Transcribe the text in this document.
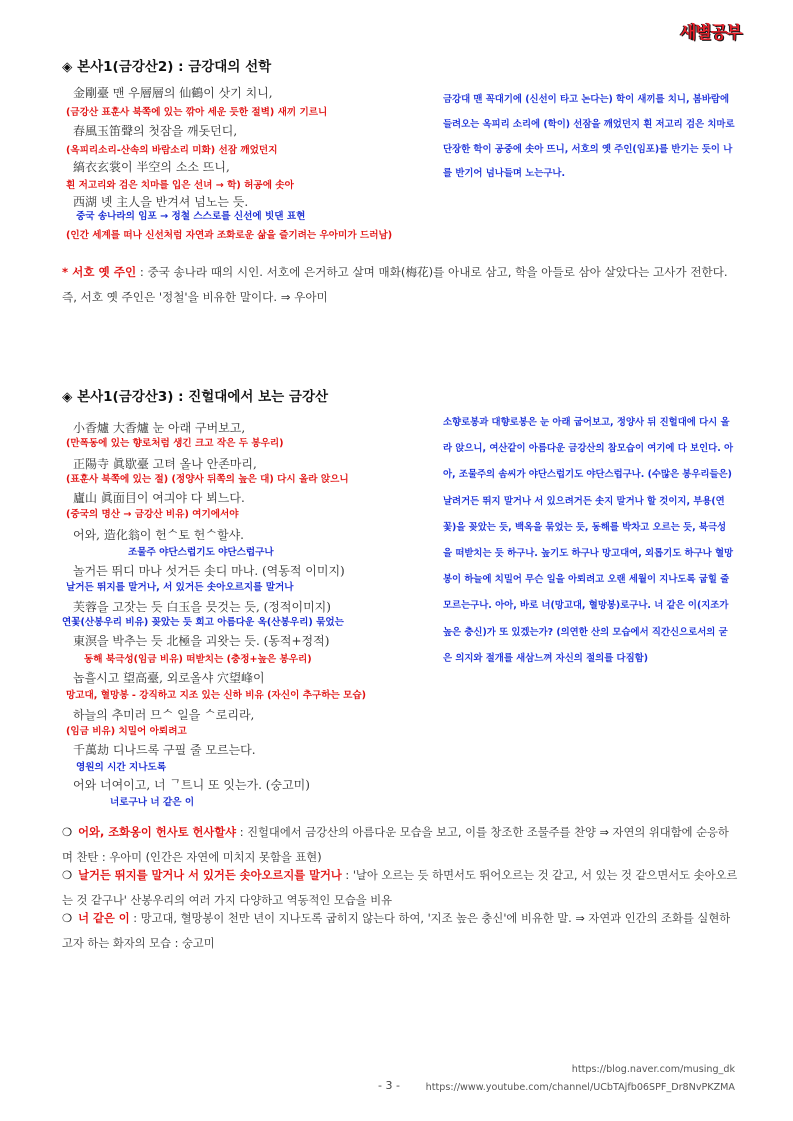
새별공부
◈ 본사1(금강산2) : 금강대의 선학
金剛臺 맨 우層層의 仙鶴이 삿기 치니,
(금강산 표훈사 북쪽에 있는 깎아 세운 듯한 절벽) 새끼 기르니
春風玉笛聲의 첫잠을 깨돗던디,
(옥피리소리-산속의 바람소리 미화) 선잠 깨었던지
縞衣玄裳이 半空의 소소 뜨니,
흰 저고리와 검은 치마를 입은 선녀 → 학) 허공에 솟아
西湖 녯 主人을 반겨셔 넘노는 듯.
중국 송나라의 임포 → 정철 스스로를 신선에 빗댄 표현
(인간 세계를 떠나 신선처럼 자연과 조화로운 삶을 즐기려는 우아미가 드러남)
금강대 맨 꼭대기에 (신선이 타고 논다는) 학이 새끼를 치니, 봄바람에 들려오는 옥피리 소리에 (학이) 선잠을 깨었던지 흰 저고리 검은 치마로 단장한 학이 공중에 솟아 뜨니, 서호의 옛 주인(임포)를 반기는 듯이 나를 반기어 넘나들며 노는구나.
* 서호 옛 주인 : 중국 송나라 때의 시인. 서호에 은거하고 살며 매화(梅花)를 아내로 삼고, 학을 아들로 삼아 살았다는 고사가 전한다. 즉, 서호 옛 주인은 '정철'을 비유한 말이다. ⇒ 우아미
◈ 본사1(금강산3) : 진헐대에서 보는 금강산
小香爐 大香爐 눈 아래 구버보고,
(만폭동에 있는 향로처럼 생긴 크고 작은 두 봉우리)
正陽寺 眞歇臺 고텨 올나 안존마리,
(표훈사 북쪽에 있는 절) (정양사 뒤쪽의 높은 대) 다시 올라 앉으니
廬山 眞面目이 여긔야 다 뵈느다.
(중국의 명산 → 금강산 비유) 여기에서야
어와, 造化翁이 헌ᄉ토 헌ᄉ할샤.
조물주 야단스럽기도 야단스럽구나
놀거든 뛰디 마나 섯거든 솟디 마나. (역동적 이미지)
날거든 뛰지를 말거나, 서 있거든 솟아오르지를 말거나
芙蓉을 고잣는 듯 白玉을 믓것는 듯, (정적이미지)
연꽃(산봉우리 비유) 꽂았는 듯 희고 아름다운 옥(산봉우리) 묶었는
東溟을 박추는 듯 北極을 괴왓는 듯. (동적+정적)
동해 북극성(임금 비유) 떠받치는 (충정+높은 봉우리)
놉흘시고 望高臺, 외로올샤 穴望峰이
망고대, 혈망봉 - 강직하고 지조 있는 신하 비유 (자신이 추구하는 모습)
하늘의 추미러 므ᄉ 일을 ᄉ로리라,
(임금 비유) 치밀어 아뢰려고
千萬劫 디나드록 구필 줄 모르는다.
영원의 시간 지나도록
어와 너여이고, 너 ᄀ트니 또 잇는가. (숭고미)
너로구나 너 같은 이
소향로봉과 대향로봉은 눈 아래 굽어보고, 정양사 뒤 진헐대에 다시 올라 앉으니, 여산같이 아름다운 금강산의 참모습이 여기에 다 보인다. 아아, 조물주의 솜씨가 야단스럽기도 야단스럽구나. (수많은 봉우리들은) 날려거든 뛰지 말거나 서 있으려거든 솟지 말거나 할 것이지, 부용(연꽃)을 꽂았는 듯, 백옥을 묶었는 듯, 동해를 박차고 오르는 듯, 북극성을 떠받치는 듯 하구나. 높기도 하구나 망고대여, 외롭기도 하구나 혈망봉이 하늘에 치밀어 무슨 일을 아뢰려고 오랜 세월이 지나도록 굽힐 줄 모르는구나. 아아, 바로 너(망고대, 혈망봉)로구나. 너 같은 이(지조가 높은 충신)가 또 있겠는가? (의연한 산의 모습에서 직간신으로서의 굳은 의지와 절개를 새삼느껴 자신의 절의를 다짐함)
❍ 어와, 조화옹이 헌사토 헌사할샤 : 진헐대에서 금강산의 아름다운 모습을 보고, 이를 창조한 조물주를 찬양 ⇒ 자연의 위대함에 순응하며 찬탄 : 우아미 (인간은 자연에 미치지 못함을 표현)
❍ 날거든 뛰지를 말거나 서 있거든 솟아오르지를 말거나 : '날아 오르는 듯 하면서도 뛰어오르는 것 같고, 서 있는 것 같으면서도 솟아오르는 것 같구나' 산봉우리의 여러 가지 다양하고 역동적인 모습을 비유
❍ 너 같은 이 : 망고대, 혈망봉이 천만 년이 지나도록 굽히지 않는다 하여, '지조 높은 충신'에 비유한 말. ⇒ 자연과 인간의 조화를 실현하고자 하는 화자의 모습 : 숭고미
https://blog.naver.com/musing_dk
- 3 -	https://www.youtube.com/channel/UCbTAjfb06SPF_Dr8NvPKZMA
